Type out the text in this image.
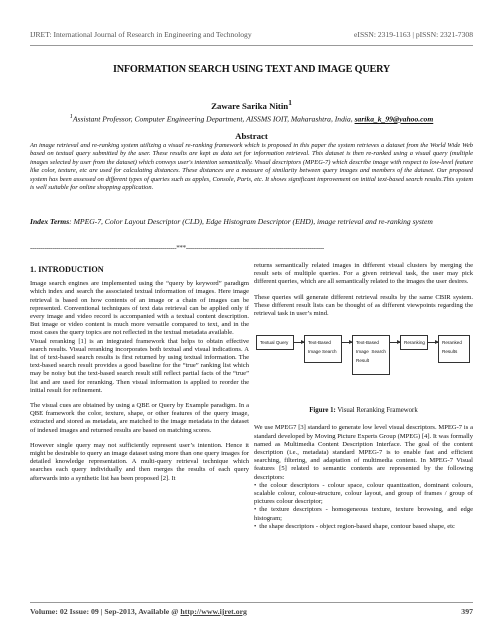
IJRET: International Journal of Research in Engineering and Technology	eISSN: 2319-1163 | pISSN: 2321-7308
INFORMATION SEARCH USING TEXT AND IMAGE QUERY
Zaware Sarika Nitin$^1$
$^1$Assistant Professor, Computer Engineering Department, AISSMS IOIT, Maharashtra, India, sarika_k_99@yahoo.com
Abstract
An image retrieval and re-ranking system utilizing a visual re-ranking framework which is proposed in this paper the system retrieves a dataset from the World Wide Web based on textual query submitted by the user. These results are kept as data set for information retrieval. This dataset is then re-ranked using a visual query (multiple images selected by user from the dataset) which conveys user's intention semantically. Visual descriptors (MPEG-7) which describe image with respect to low-level feature like color, texture, etc are used for calculating distances. These distances are a measure of similarity between query images and members of the dataset. Our proposed system has been assessed on different types of queries such as apples, Console, Paris, etc. It shows significant improvement on initial text-based search results.This system is well suitable for online shopping application.
Index Terms: MPEG-7, Color Layout Descriptor (CLD), Edge Histogram Descriptor (EHD), image retrieval and re-ranking system
------------------------------------------------------------------------***--------------------------------------------------------------------
1. INTRODUCTION

Image search engines are implemented using the “query by keyword” paradigm which index and search the associated textual information of images. Here image retrieval is based on how contents of an image or a chain of images can be represented. Conventional techniques of text data retrieval can be applied only if every image and video record is accompanied with a textual content description. But image or video content is much more versatile compared to text, and in the most cases the query topics are not reflected in the textual metadata available.

Visual reranking [1] is an integrated framework that helps to obtain effective search results. Visual reranking incorporates both textual and visual indications. A list of text-based search results is first returned by using textual information. The text-based search result provides a good baseline for the “true” ranking list which may be noisy but the text-based search result still reflect partial facts of the “true” list and are used for reranking. Then visual information is applied to reorder the initial result for refinement.

The visual cues are obtained by using a QBE or Query by Example paradigm. In a QBE framework the color, texture, shape, or other features of the query image, extracted and stored as metadata, are matched to the image metadata in the dataset of indexed images and returned results are based on matching scores.

However single query may not sufficiently represent user’s intention. Hence it might be desirable to query an image dataset using more than one query images for detailed knowledge representation. A multi-query retrieval technique which searches each query individually and then merges the results of each query afterwards into a synthetic list has been proposed [2]. It

returns semantically related images in different visual clusters by merging the result sets of multiple queries. For a given retrieval task, the user may pick different queries, which are all semantically related to the images the user desires.

These queries will generate different retrieval results by the same CBIR system. These different result lists can be thought of as different viewpoints regarding the retrieval task in user’s mind.

Textual Query	Text-Based Image Search
Text-Based Image Search Result
Reranking	Reranked Results
Figure 1: Visual Reranking Framework

We use MPEG7 [3] standard to generate low level visual descriptors. MPEG-7 is a standard developed by Moving Picture Experts Group (MPEG) [4]. It was formally named as Multimedia Content Description Interface. The goal of the content description (i.e., metadata) standard MPEG-7 is to enable fast and efficient searching, filtering, and adaptation of multimedia content. In MPEG-7 Visual features [5] related to semantic contents are represented by the following descriptors:

• the colour descriptors - colour space, colour quantization, dominant colours, scalable colour, colour-structure, colour layout, and group of frames / group of pictures colour descriptor;
• the texture descriptors - homogeneous texture, texture browsing, and edge histogram;
• the shape descriptors - object region-based shape, contour based shape, etc
Volume: 02 Issue: 09 | Sep-2013, Available @ http://www.ijret.org	397
